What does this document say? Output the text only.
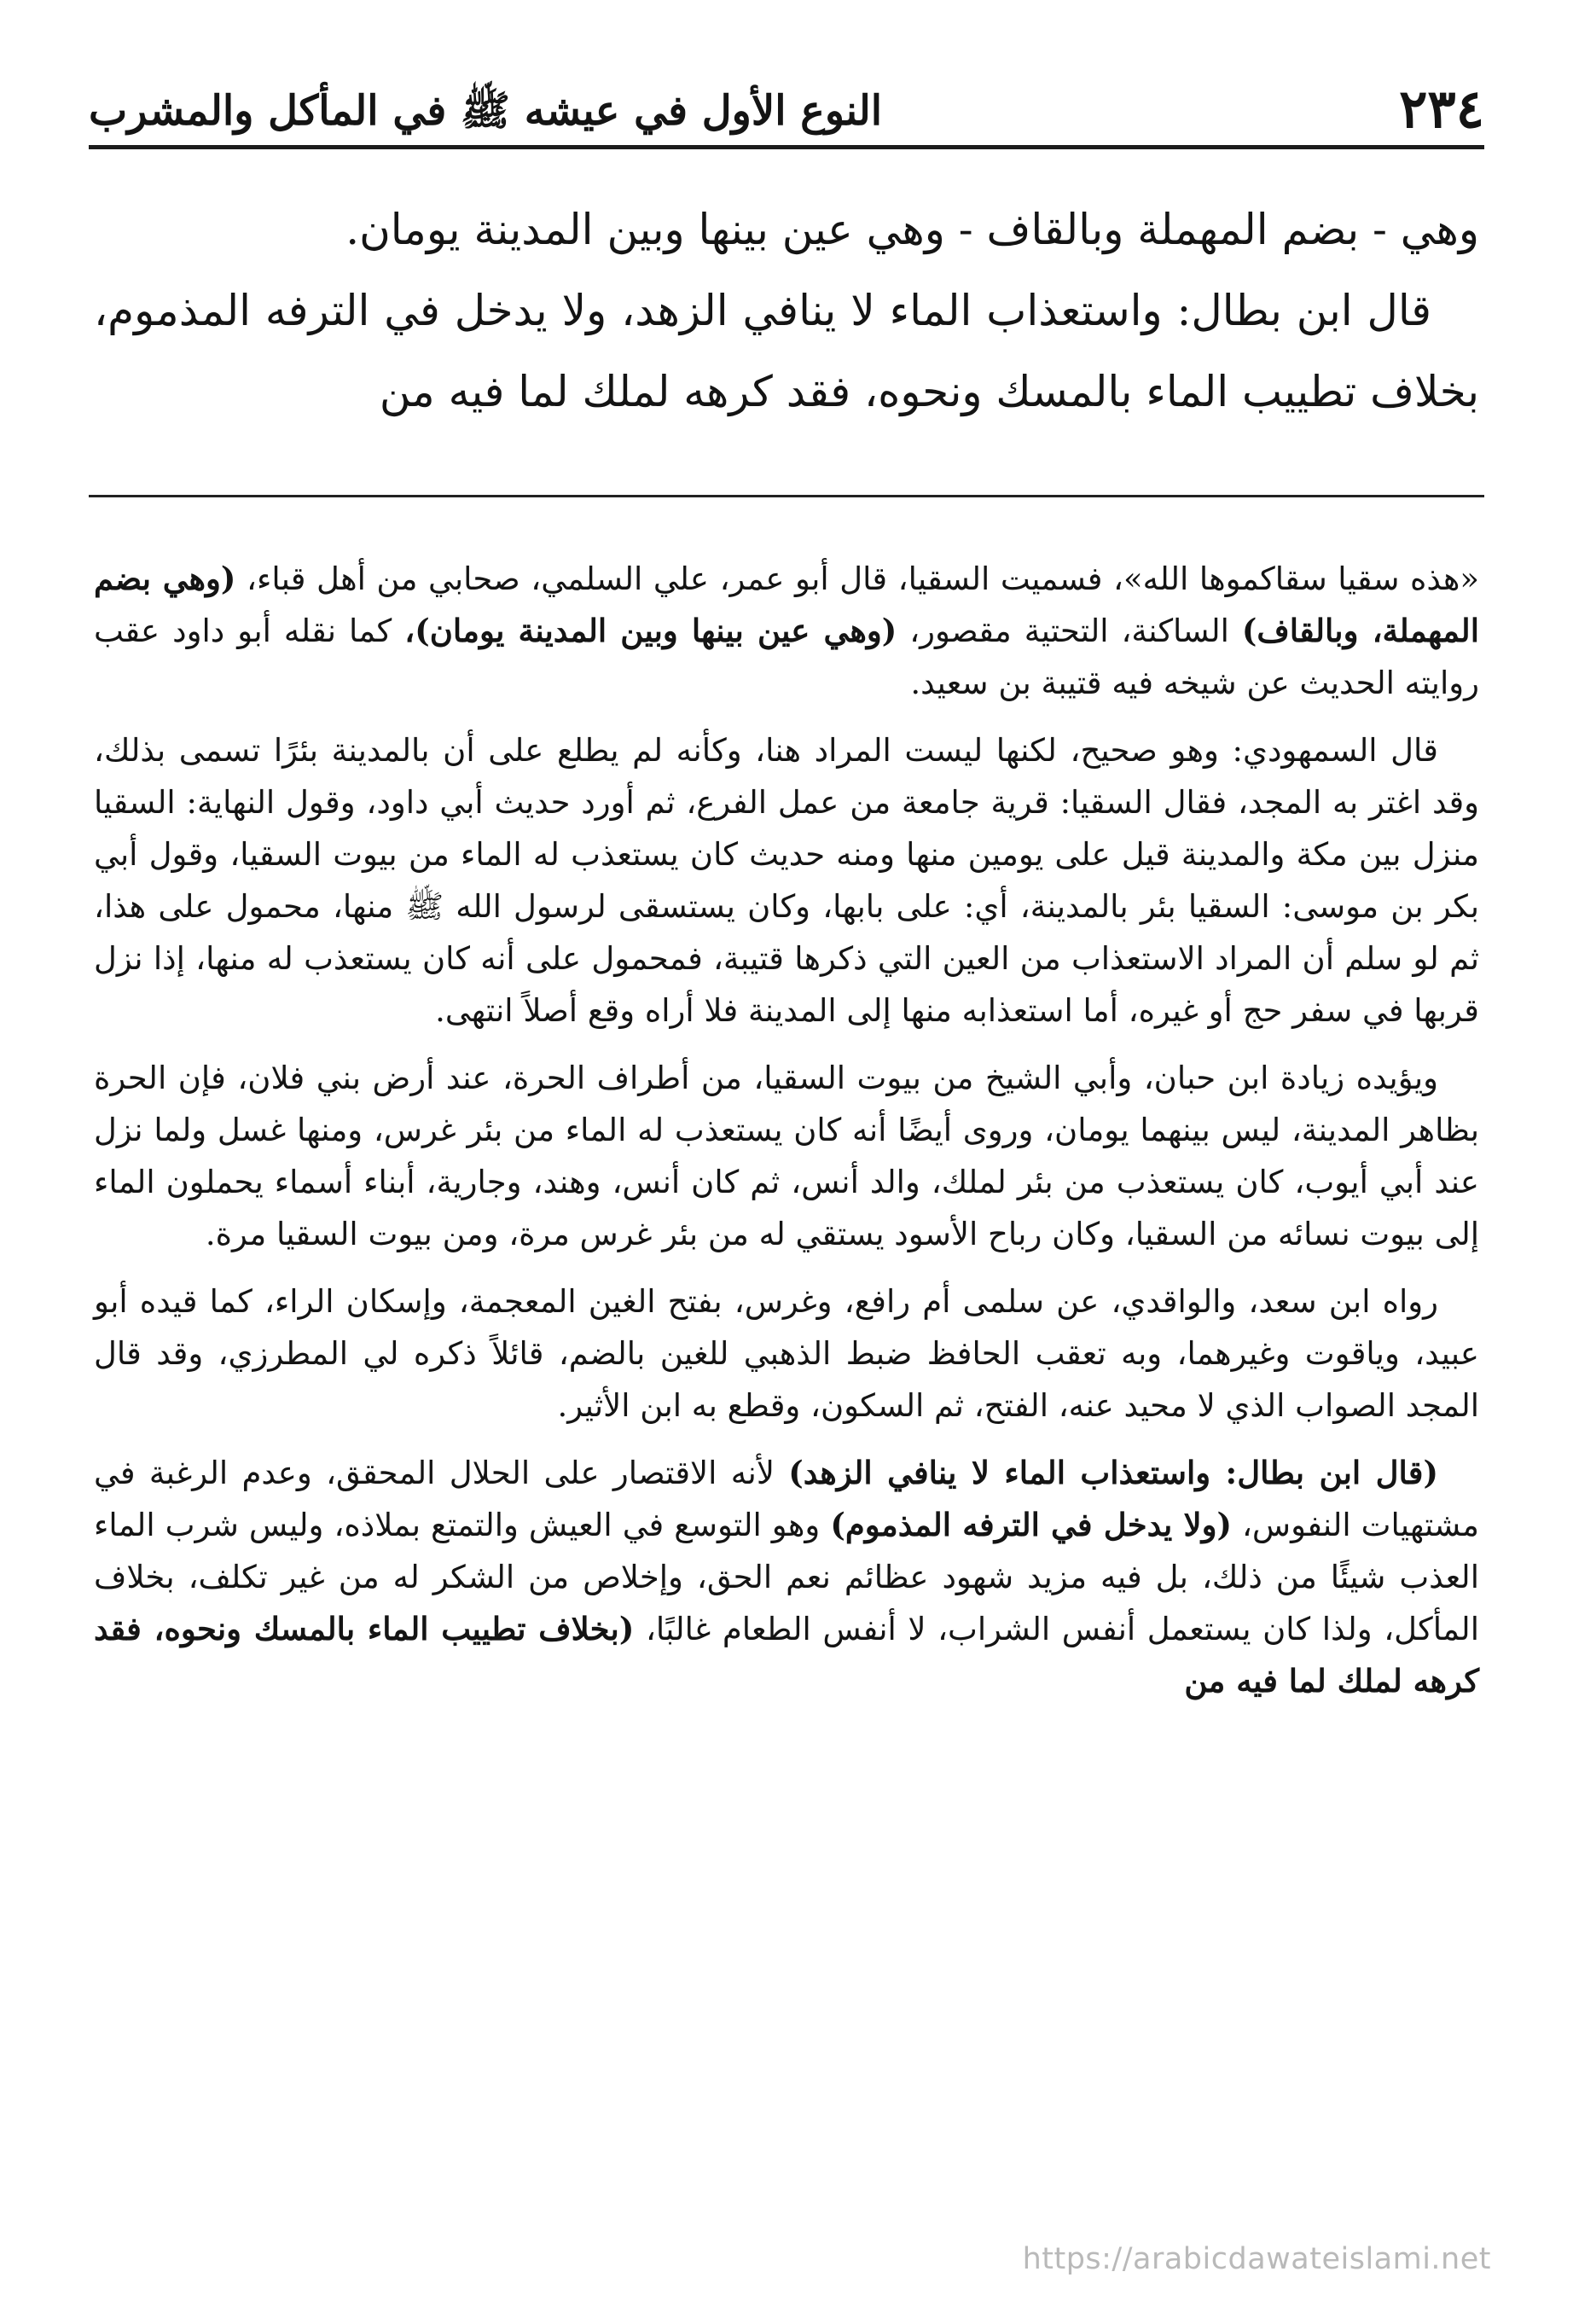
٢٣٤
النوع الأول في عيشه ﷺ في المأكل والمشرب

وهي - بضم المهملة وبالقاف - وهي عين بينها وبين المدينة يومان.

قال ابن بطال: واستعذاب الماء لا ينافي الزهد، ولا يدخل في الترفه المذموم، بخلاف تطييب الماء بالمسك ونحوه، فقد كرهه لملك لما فيه من

«هذه سقيا سقاكموها الله»، فسميت السقيا، قال أبو عمر، علي السلمي، صحابي من أهل قباء، (وهي بضم المهملة، وبالقاف) الساكنة، التحتية مقصور، (وهي عين بينها وبين المدينة يومان)، كما نقله أبو داود عقب روايته الحديث عن شيخه فيه قتيبة بن سعيد.

قال السمهودي: وهو صحيح، لكنها ليست المراد هنا، وكأنه لم يطلع على أن بالمدينة بئرًا تسمى بذلك، وقد اغتر به المجد، فقال السقيا: قرية جامعة من عمل الفرع، ثم أورد حديث أبي داود، وقول النهاية: السقيا منزل بين مكة والمدينة قيل على يومين منها ومنه حديث كان يستعذب له الماء من بيوت السقيا، وقول أبي بكر بن موسى: السقيا بئر بالمدينة، أي: على بابها، وكان يستسقى لرسول الله ﷺ منها، محمول على هذا، ثم لو سلم أن المراد الاستعذاب من العين التي ذكرها قتيبة، فمحمول على أنه كان يستعذب له منها، إذا نزل قربها في سفر حج أو غيره، أما استعذابه منها إلى المدينة فلا أراه وقع أصلاً انتهى.

ويؤيده زيادة ابن حبان، وأبي الشيخ من بيوت السقيا، من أطراف الحرة، عند أرض بني فلان، فإن الحرة بظاهر المدينة، ليس بينهما يومان، وروى أيضًا أنه كان يستعذب له الماء من بئر غرس، ومنها غسل ولما نزل عند أبي أيوب، كان يستعذب من بئر لملك، والد أنس، ثم كان أنس، وهند، وجارية، أبناء أسماء يحملون الماء إلى بيوت نسائه من السقيا، وكان رباح الأسود يستقي له من بئر غرس مرة، ومن بيوت السقيا مرة.

رواه ابن سعد، والواقدي، عن سلمى أم رافع، وغرس، بفتح الغين المعجمة، وإسكان الراء، كما قيده أبو عبيد، وياقوت وغيرهما، وبه تعقب الحافظ ضبط الذهبي للغين بالضم، قائلاً ذكره لي المطرزي، وقد قال المجد الصواب الذي لا محيد عنه، الفتح، ثم السكون، وقطع به ابن الأثير.

(قال ابن بطال: واستعذاب الماء لا ينافي الزهد) لأنه الاقتصار على الحلال المحقق، وعدم الرغبة في مشتهيات النفوس، (ولا يدخل في الترفه المذموم) وهو التوسع في العيش والتمتع بملاذه، وليس شرب الماء العذب شيئًا من ذلك، بل فيه مزيد شهود عظائم نعم الحق، وإخلاص من الشكر له من غير تكلف، بخلاف المأكل، ولذا كان يستعمل أنفس الشراب، لا أنفس الطعام غالبًا، (بخلاف تطييب الماء بالمسك ونحوه، فقد كرهه لملك لما فيه من

https://arabicdawateislami.net
